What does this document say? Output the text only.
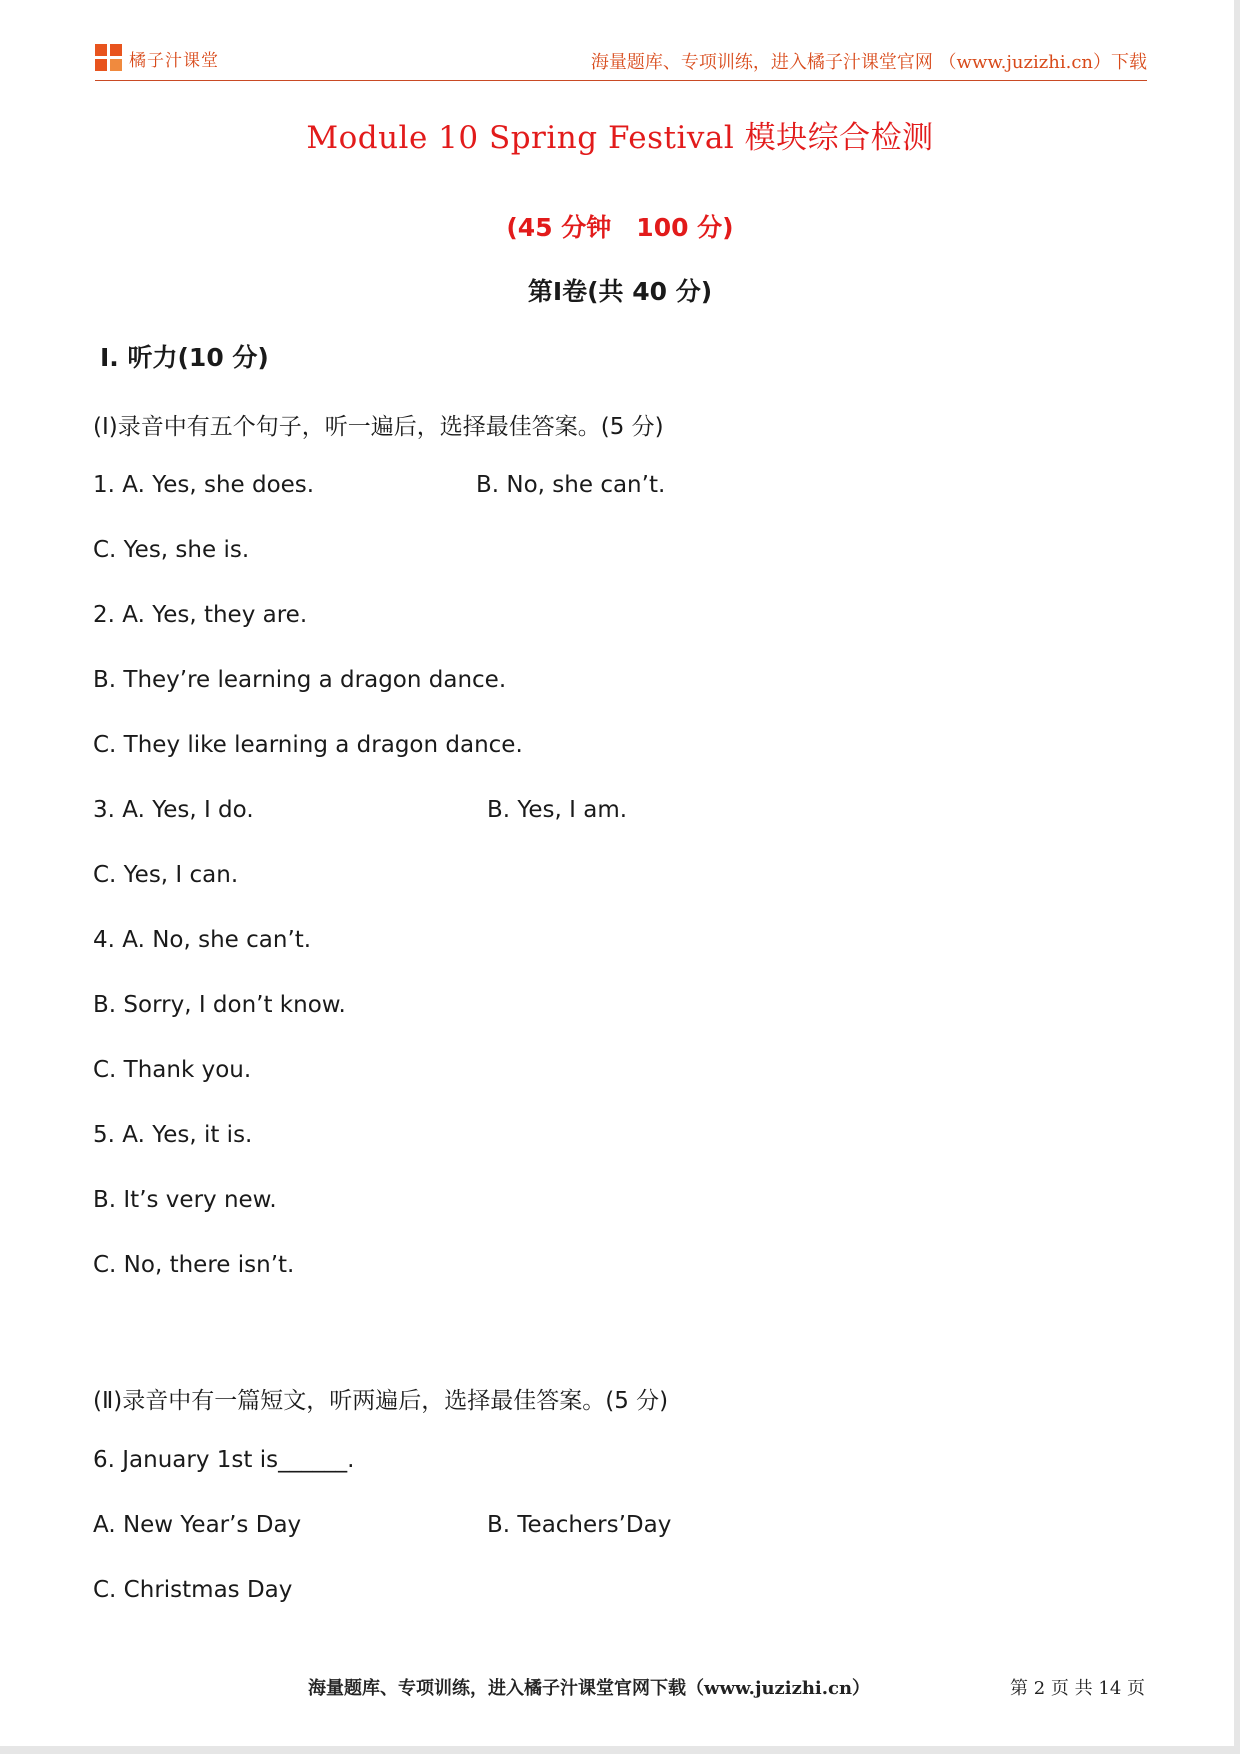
橘子汁课堂	海量题库、专项训练，进入橘子汁课堂官网 （www.juzizhi.cn）下载
Module 10 Spring Festival 模块综合检测
(45 分钟　100 分)
第Ⅰ卷(共 40 分)
Ⅰ. 听力(10 分)
(Ⅰ)录音中有五个句子，听一遍后，选择最佳答案。(5 分)
1. A. Yes, she does.	B. No, she can’t.
C. Yes, she is.
2. A. Yes, they are.
B. They’re learning a dragon dance.
C. They like learning a dragon dance.
3. A. Yes, I do.	B. Yes, I am.
C. Yes, I can.
4. A. No, she can’t.
B. Sorry, I don’t know.
C. Thank you.
5. A. Yes, it is.
B. It’s very new.
C. No, there isn’t.
(Ⅱ)录音中有一篇短文，听两遍后，选择最佳答案。(5 分)
6. January 1st is______.
A. New Year’s Day	B. Teachers’Day
C. Christmas Day
海量题库、专项训练，进入橘子汁课堂官网下载（www.juzizhi.cn）	第 2 页 共 14 页
